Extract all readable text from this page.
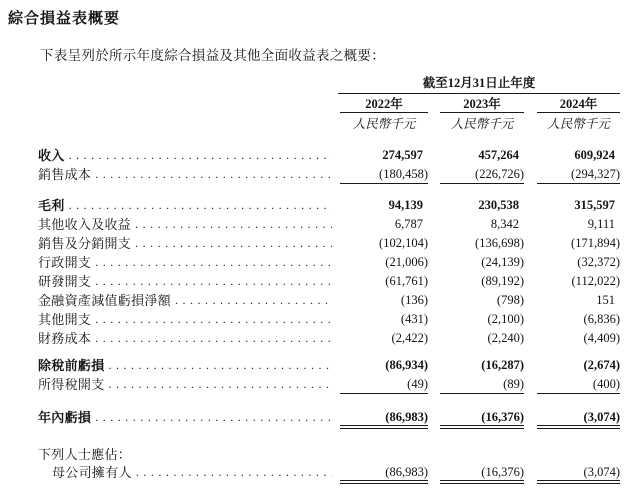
綜合損益表概要
下表呈列於所示年度綜合損益及其他全面收益表之概要：
截至12月31日止年度
2022年	2023年	2024年
人民幣千元	人民幣千元	人民幣千元
收入 .....	274,597	457,264	609,924
銷售成本 .....	(180,458)	(226,726)	(294,327)
毛利 .....	94,139	230,538	315,597
其他收入及收益 .....	6,787	8,342	9,111
銷售及分銷開支 .....	(102,104)	(136,698)	(171,894)
行政開支 .....	(21,006)	(24,139)	(32,372)
研發開支 .....	(61,761)	(89,192)	(112,022)
金融資產減值虧損淨額 .....	(136)	(798)	151
其他開支 .....	(431)	(2,100)	(6,836)
財務成本 .....	(2,422)	(2,240)	(4,409)
除稅前虧損 .....	(86,934)	(16,287)	(2,674)
所得稅開支 .....	(49)	(89)	(400)
年內虧損 .....	(86,983)	(16,376)	(3,074)
下列人士應佔：
母公司擁有人 .....	(86,983)	(16,376)	(3,074)
